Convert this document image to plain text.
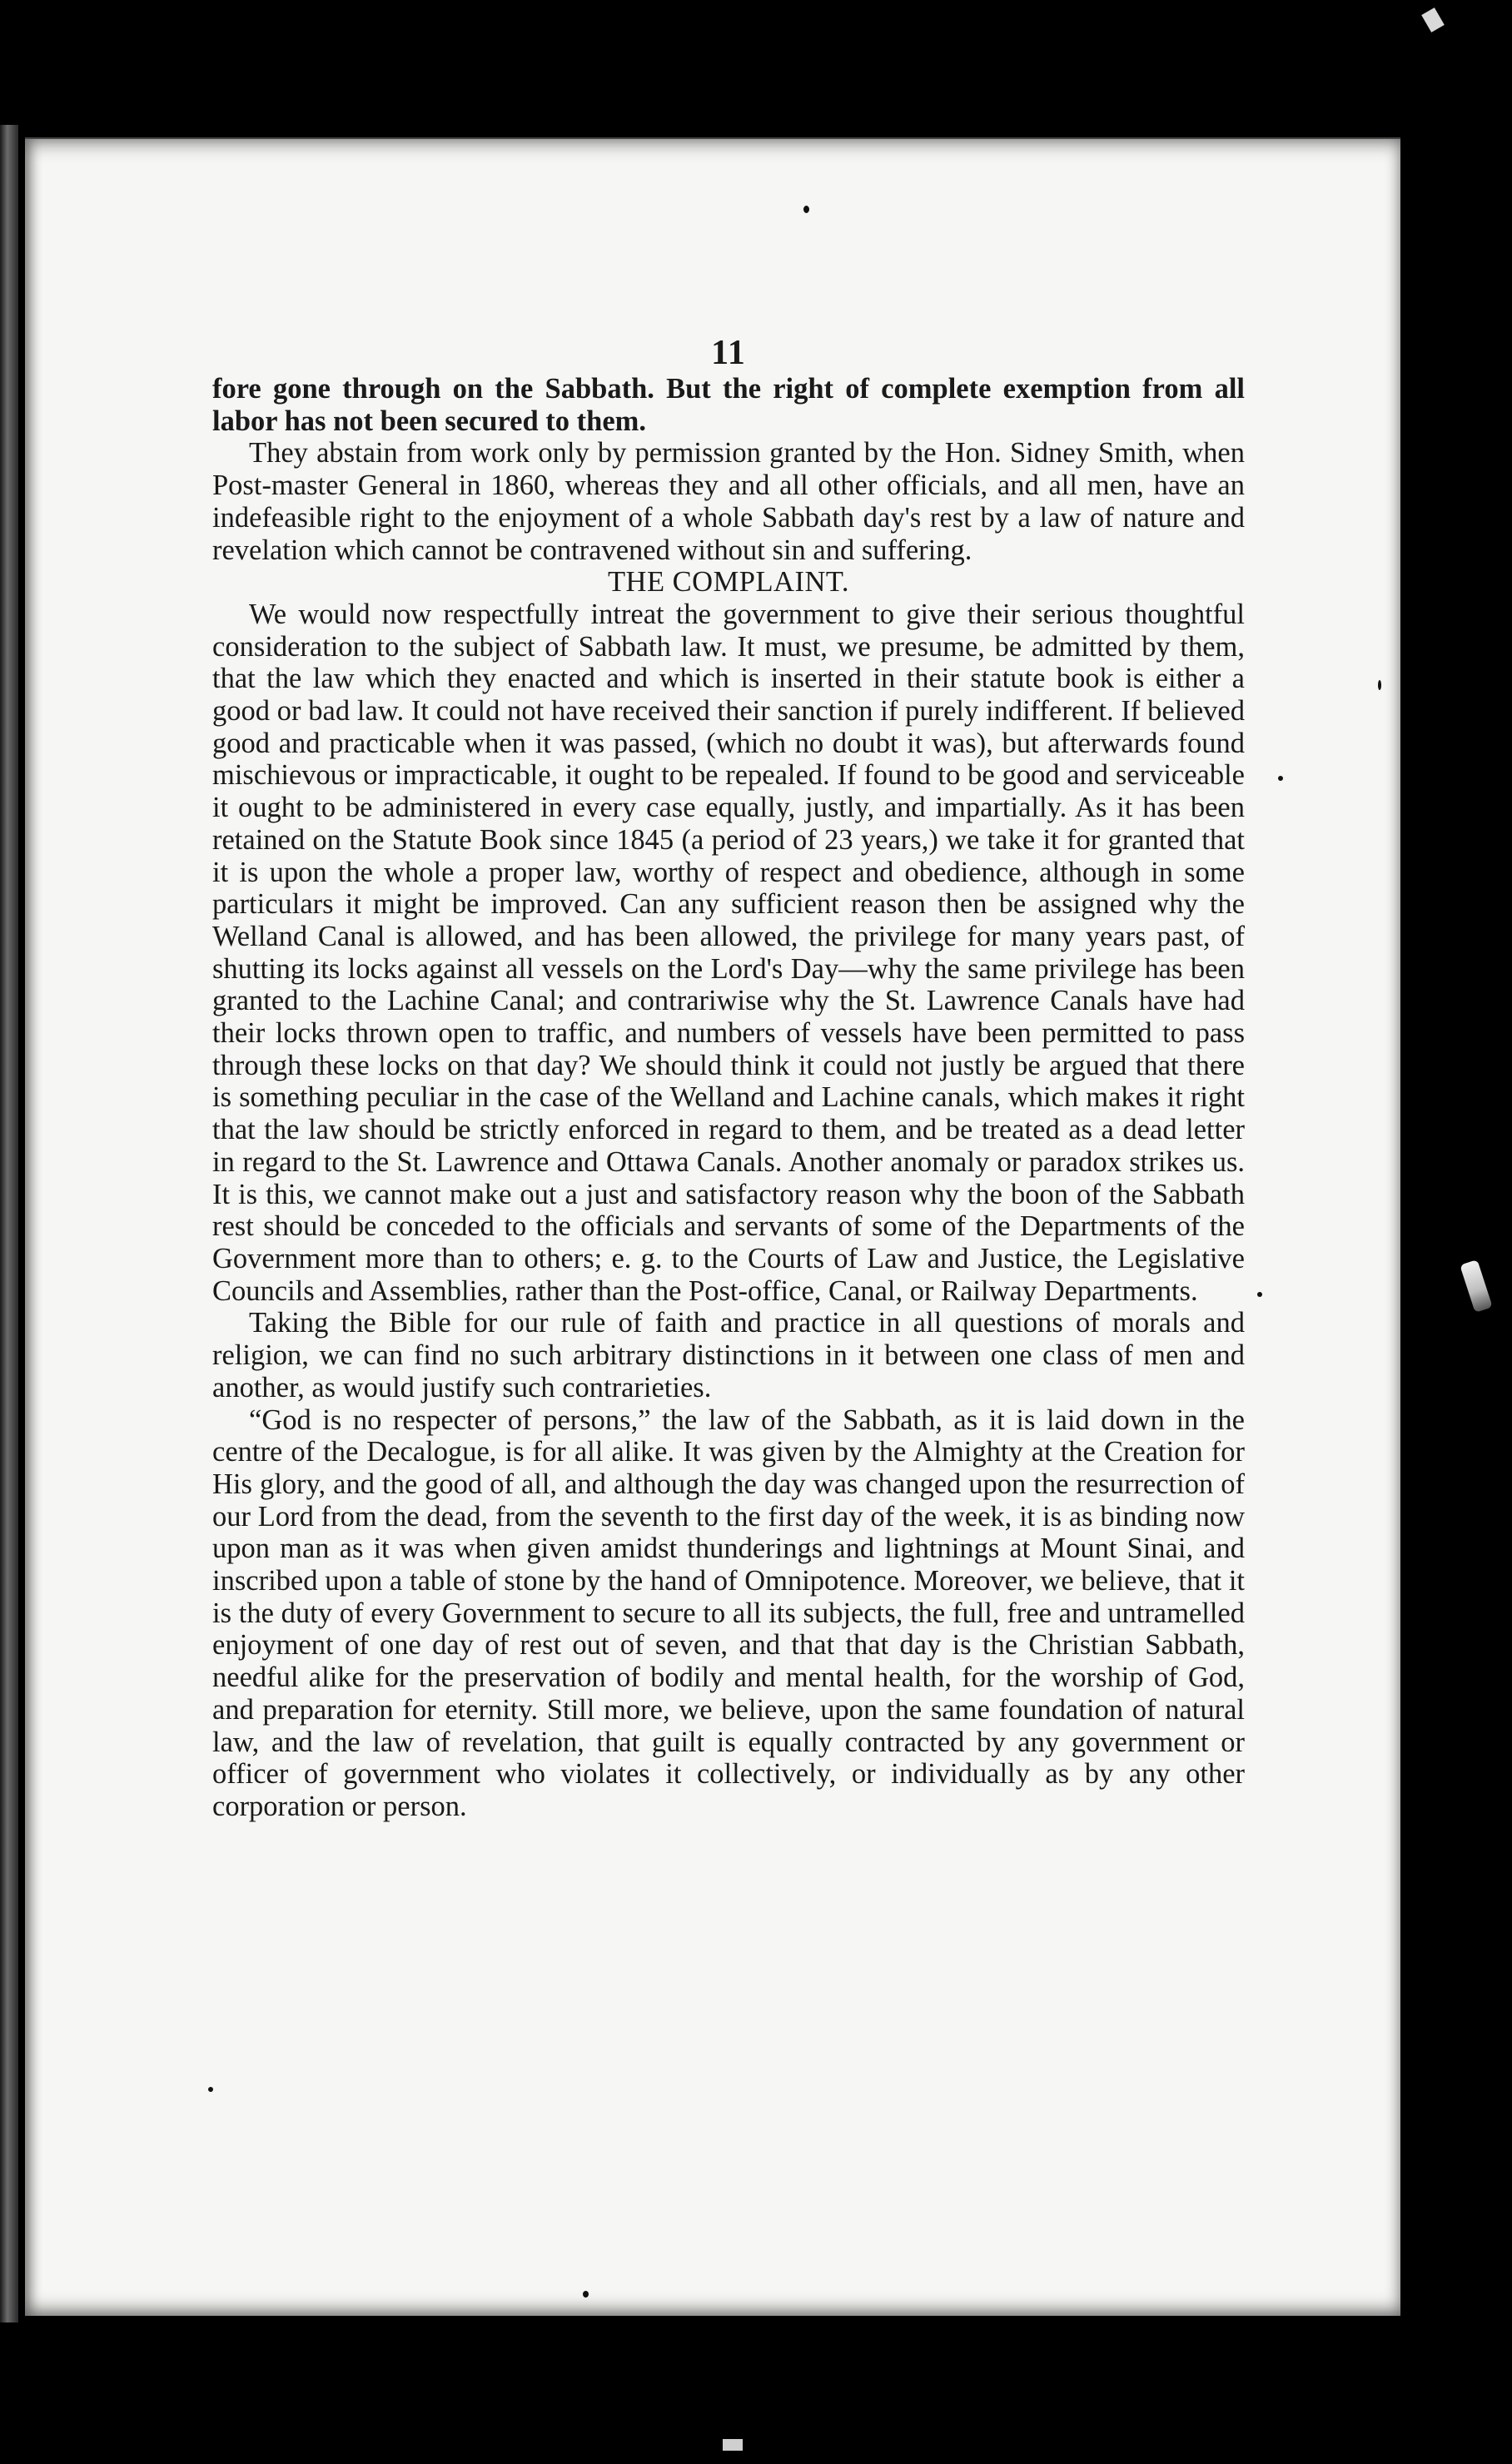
11

fore gone through on the Sabbath. But the right of complete exemption from all labor has not been secured to them.

They abstain from work only by permission granted by the Hon. Sidney Smith, when Post-master General in 1860, whereas they and all other officials, and all men, have an indefeasible right to the enjoyment of a whole Sabbath day's rest by a law of nature and revelation which cannot be contravened without sin and suffering.

THE COMPLAINT.

We would now respectfully intreat the government to give their serious thoughtful consideration to the subject of Sabbath law. It must, we presume, be admitted by them, that the law which they enacted and which is inserted in their statute book is either a good or bad law. It could not have received their sanction if purely indifferent. If believed good and practicable when it was passed, (which no doubt it was), but afterwards found mischievous or impracticable, it ought to be repealed. If found to be good and serviceable it ought to be administered in every case equally, justly, and impartially. As it has been retained on the Statute Book since 1845 (a period of 23 years,) we take it for granted that it is upon the whole a proper law, worthy of respect and obedience, although in some particulars it might be improved. Can any sufficient reason then be assigned why the Welland Canal is allowed, and has been allowed, the privilege for many years past, of shutting its locks against all vessels on the Lord's Day—why the same privilege has been granted to the Lachine Canal; and contrariwise why the St. Lawrence Canals have had their locks thrown open to traffic, and numbers of vessels have been permitted to pass through these locks on that day? We should think it could not justly be argued that there is something peculiar in the case of the Welland and Lachine canals, which makes it right that the law should be strictly enforced in regard to them, and be treated as a dead letter in regard to the St. Lawrence and Ottawa Canals. Another anomaly or paradox strikes us. It is this, we cannot make out a just and satisfactory reason why the boon of the Sabbath rest should be conceded to the officials and servants of some of the Departments of the Government more than to others; e. g. to the Courts of Law and Justice, the Legislative Councils and Assemblies, rather than the Post-office, Canal, or Railway Departments.

Taking the Bible for our rule of faith and practice in all questions of morals and religion, we can find no such arbitrary distinctions in it between one class of men and another, as would justify such contrarieties.

“God is no respecter of persons,” the law of the Sabbath, as it is laid down in the centre of the Decalogue, is for all alike. It was given by the Almighty at the Creation for His glory, and the good of all, and although the day was changed upon the resurrection of our Lord from the dead, from the seventh to the first day of the week, it is as binding now upon man as it was when given amidst thunderings and lightnings at Mount Sinai, and inscribed upon a table of stone by the hand of Omnipotence. Moreover, we believe, that it is the duty of every Government to secure to all its subjects, the full, free and untramelled enjoyment of one day of rest out of seven, and that that day is the Christian Sabbath, needful alike for the preservation of bodily and mental health, for the worship of God, and preparation for eternity. Still more, we believe, upon the same foundation of natural law, and the law of revelation, that guilt is equally contracted by any government or officer of government who violates it collectively, or individually as by any other corporation or person.
